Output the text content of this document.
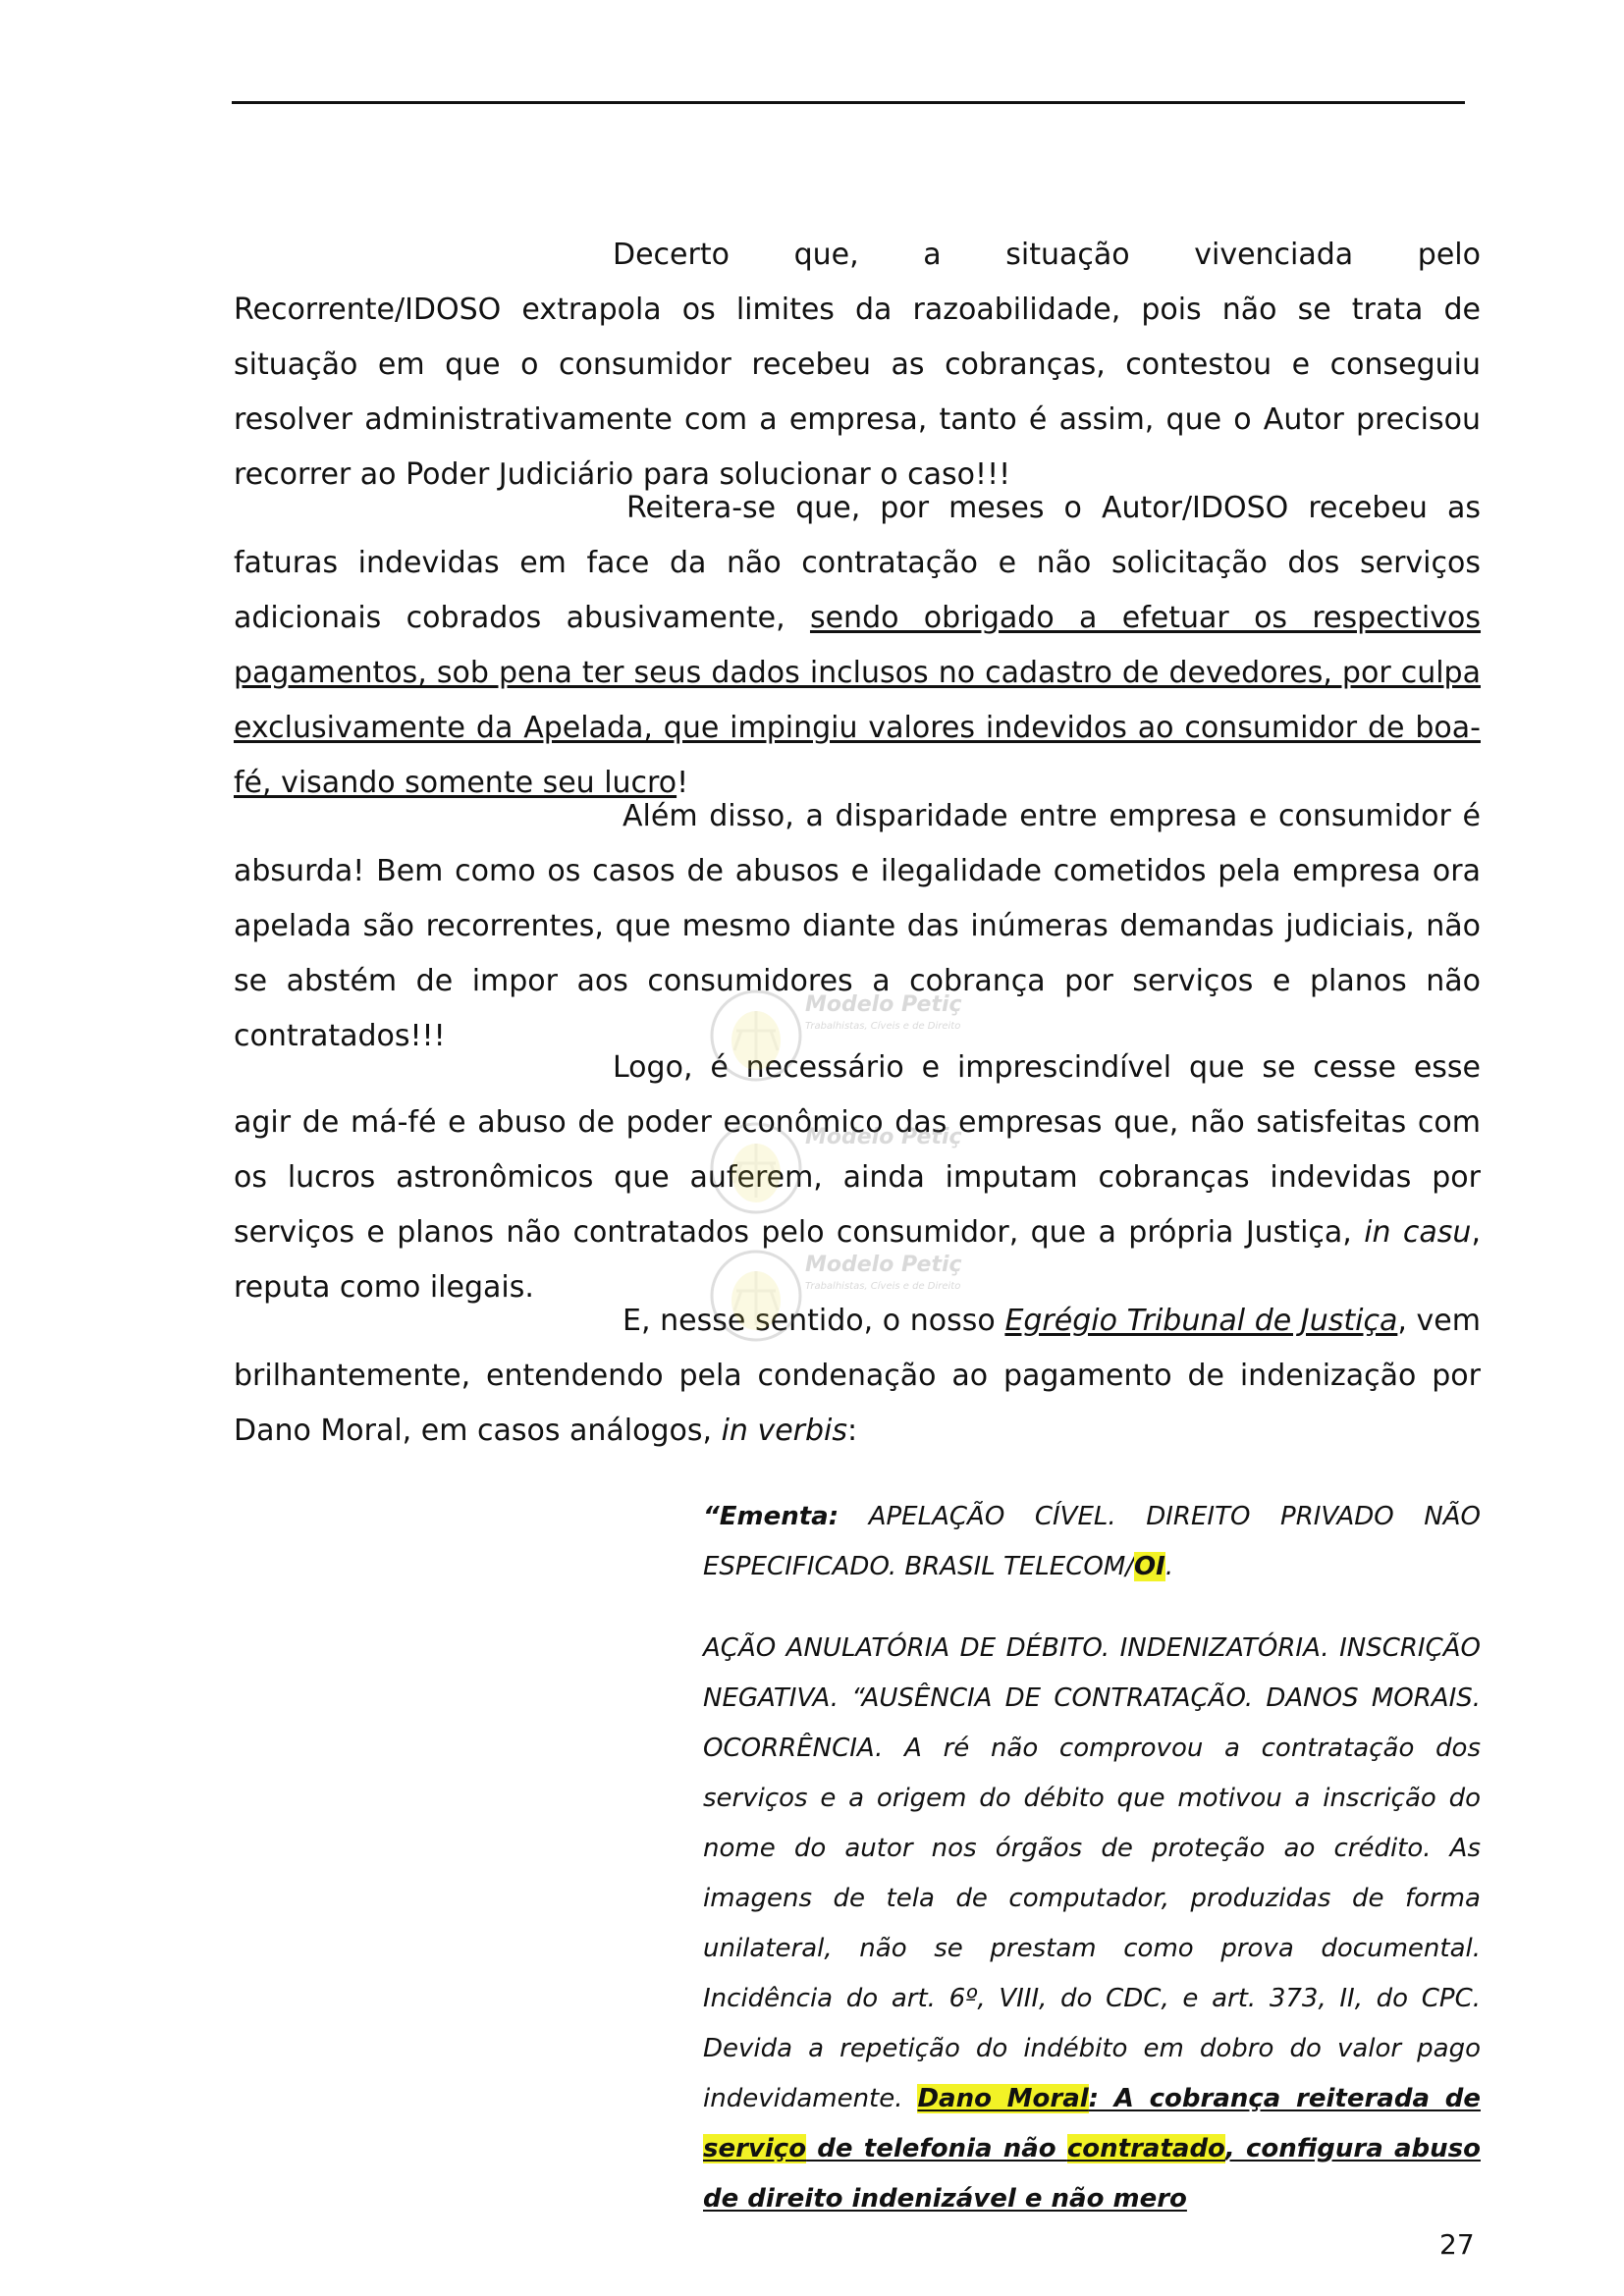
Decerto que, a situação vivenciada pelo Recorrente/IDOSO extrapola os limites da razoabilidade, pois não se trata de situação em que o consumidor recebeu as cobranças, contestou e conseguiu resolver administrativamente com a empresa, tanto é assim, que o Autor precisou recorrer ao Poder Judiciário para solucionar o caso!!!
Reitera-se que, por meses o Autor/IDOSO recebeu as faturas indevidas em face da não contratação e não solicitação dos serviços adicionais cobrados abusivamente, sendo obrigado a efetuar os respectivos pagamentos, sob pena ter seus dados inclusos no cadastro de devedores, por culpa exclusivamente da Apelada, que impingiu valores indevidos ao consumidor de boa-fé, visando somente seu lucro!
Além disso, a disparidade entre empresa e consumidor é absurda! Bem como os casos de abusos e ilegalidade cometidos pela empresa ora apelada são recorrentes, que mesmo diante das inúmeras demandas judiciais, não se abstém de impor aos consumidores a cobrança por serviços e planos não contratados!!!
Logo, é necessário e imprescindível que se cesse esse agir de má-fé e abuso de poder econômico das empresas que, não satisfeitas com os lucros astronômicos que auferem, ainda imputam cobranças indevidas por serviços e planos não contratados pelo consumidor, que a própria Justiça, in casu, reputa como ilegais.
E, nesse sentido, o nosso Egrégio Tribunal de Justiça, vem brilhantemente, entendendo pela condenação ao pagamento de indenização por Dano Moral, em casos análogos, in verbis:
“Ementa: APELAÇÃO CÍVEL. DIREITO PRIVADO NÃO ESPECIFICADO. BRASIL TELECOM/OI.
AÇÃO ANULATÓRIA DE DÉBITO. INDENIZATÓRIA. INSCRIÇÃO NEGATIVA. “AUSÊNCIA DE CONTRATAÇÃO. DANOS MORAIS. OCORRÊNCIA. A ré não comprovou a contratação dos serviços e a origem do débito que motivou a inscrição do nome do autor nos órgãos de proteção ao crédito. As imagens de tela de computador, produzidas de forma unilateral, não se prestam como prova documental. Incidência do art. 6º, VIII, do CDC, e art. 373, II, do CPC. Devida a repetição do indébito em dobro do valor pago indevidamente. Dano Moral: A cobrança reiterada de serviço de telefonia não contratado, configura abuso de direito indenizável e não mero
Modelo Petiç
Trabalhistas, Cíveis e de Direito
Modelo Petiç
Modelo Petiç
Trabalhistas, Cíveis e de Direito
27
